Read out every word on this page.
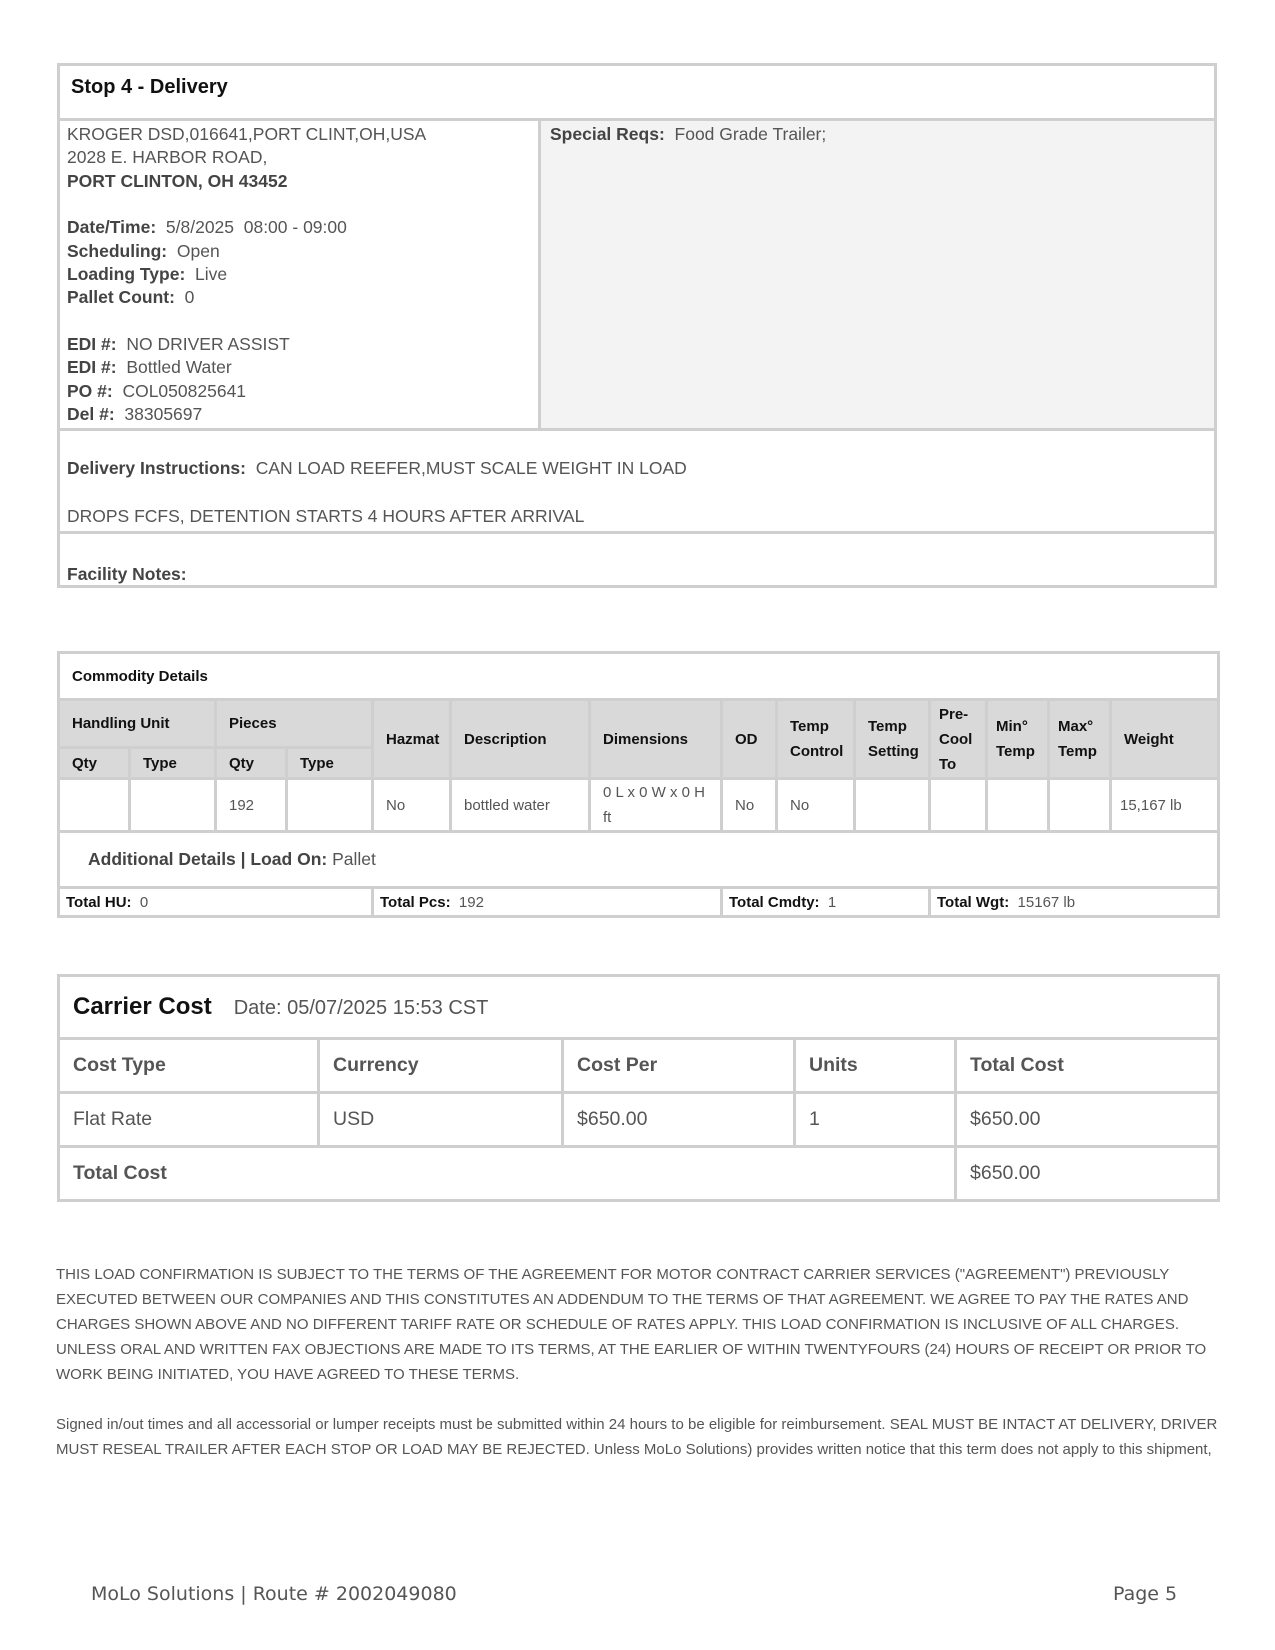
Stop 4 - Delivery
KROGER DSD,016641,PORT CLINT,OH,USA
2028 E. HARBOR ROAD,
PORT CLINTON, OH 43452
Date/Time: 5/8/2025  08:00 - 09:00
Scheduling: Open
Loading Type: Live
Pallet Count: 0
EDI #: NO DRIVER ASSIST
EDI #: Bottled Water
PO #: COL050825641
Del #: 38305697
Special Reqs: Food Grade Trailer;
Delivery Instructions: CAN LOAD REEFER,MUST SCALE WEIGHT IN LOAD
DROPS FCFS, DETENTION STARTS 4 HOURS AFTER ARRIVAL
Facility Notes:
Commodity Details													
Handling Unit		Pieces		Hazmat	Description	Dimensions	OD	Temp Control	Temp Setting	Pre-Cool To	Min° Temp	Max° Temp	Weight
Qty	Type	Qty	Type										
		192		No	bottled water	0 L x 0 W x 0 H ft	No	No					15,167 lb
Additional Details | Load On: Pallet													
Total HU: 0				Total Pcs: 192			Total Cmdty: 1			Total Wgt: 15167 lb			
Carrier Cost Date: 05/07/2025 15:53 CST				
Cost Type	Currency	Cost Per	Units	Total Cost
Flat Rate	USD	$650.00	1	$650.00
Total Cost				$650.00
THIS LOAD CONFIRMATION IS SUBJECT TO THE TERMS OF THE AGREEMENT FOR MOTOR CONTRACT CARRIER SERVICES ("AGREEMENT") PREVIOUSLY EXECUTED BETWEEN OUR COMPANIES AND THIS CONSTITUTES AN ADDENDUM TO THE TERMS OF THAT AGREEMENT. WE AGREE TO PAY THE RATES AND CHARGES SHOWN ABOVE AND NO DIFFERENT TARIFF RATE OR SCHEDULE OF RATES APPLY. THIS LOAD CONFIRMATION IS INCLUSIVE OF ALL CHARGES. UNLESS ORAL AND WRITTEN FAX OBJECTIONS ARE MADE TO ITS TERMS, AT THE EARLIER OF WITHIN TWENTYFOURS (24) HOURS OF RECEIPT OR PRIOR TO WORK BEING INITIATED, YOU HAVE AGREED TO THESE TERMS.
Signed in/out times and all accessorial or lumper receipts must be submitted within 24 hours to be eligible for reimbursement. SEAL MUST BE INTACT AT DELIVERY, DRIVER MUST RESEAL TRAILER AFTER EACH STOP OR LOAD MAY BE REJECTED. Unless MoLo Solutions) provides written notice that this term does not apply to this shipment,
MoLo Solutions | Route # 2002049080	Page 5
